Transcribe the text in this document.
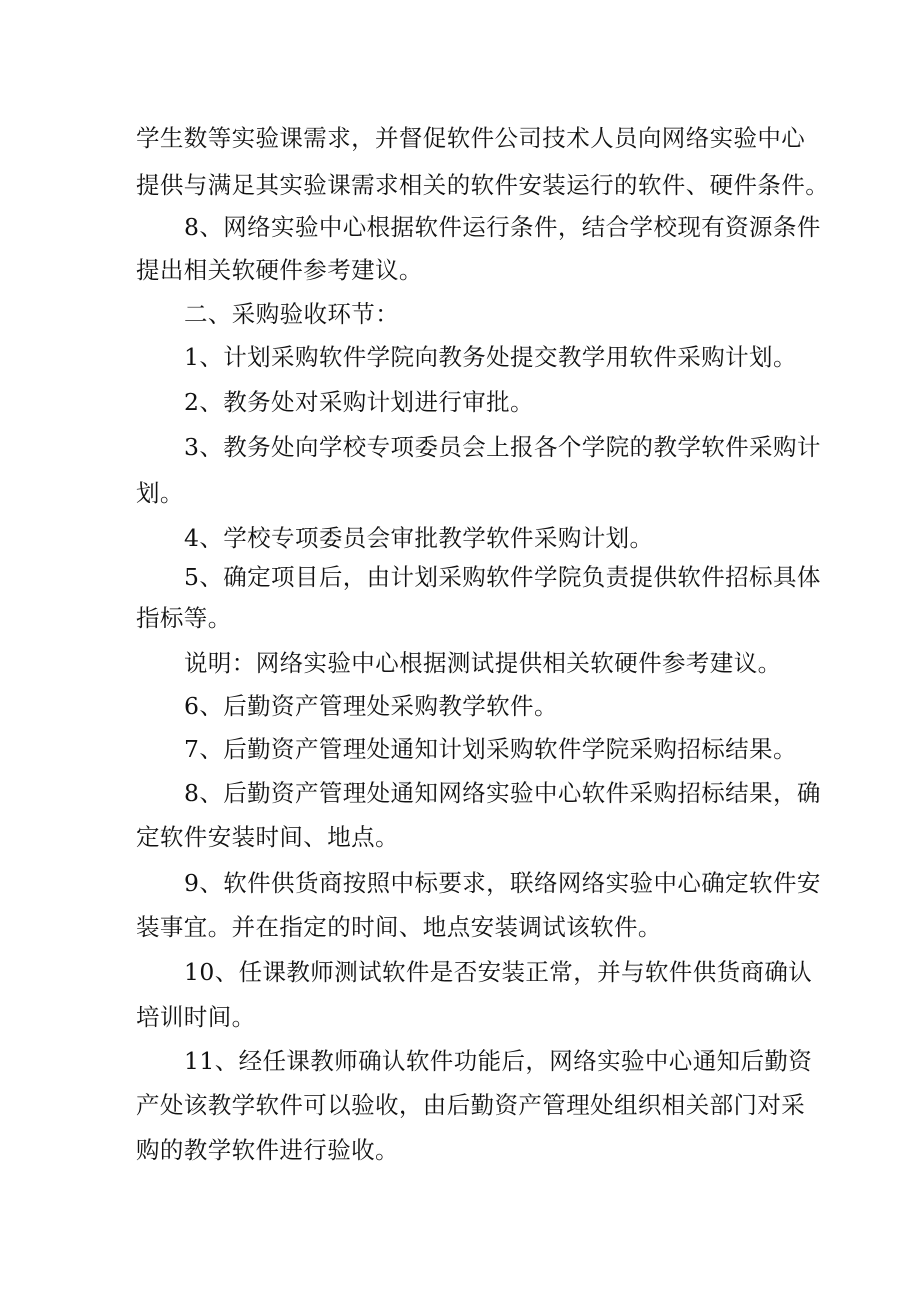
学生数等实验课需求，并督促软件公司技术人员向网络实验中心

提供与满足其实验课需求相关的软件安装运行的软件、硬件条件。

8、网络实验中心根据软件运行条件，结合学校现有资源条件

提出相关软硬件参考建议。

二、采购验收环节：

1、计划采购软件学院向教务处提交教学用软件采购计划。

2、教务处对采购计划进行审批。

3、教务处向学校专项委员会上报各个学院的教学软件采购计

划。

4、学校专项委员会审批教学软件采购计划。

5、确定项目后，由计划采购软件学院负责提供软件招标具体

指标等。

说明：网络实验中心根据测试提供相关软硬件参考建议。

6、后勤资产管理处采购教学软件。

7、后勤资产管理处通知计划采购软件学院采购招标结果。

8、后勤资产管理处通知网络实验中心软件采购招标结果，确

定软件安装时间、地点。

9、软件供货商按照中标要求，联络网络实验中心确定软件安

装事宜。并在指定的时间、地点安装调试该软件。

10、任课教师测试软件是否安装正常，并与软件供货商确认

培训时间。

11、经任课教师确认软件功能后，网络实验中心通知后勤资

产处该教学软件可以验收，由后勤资产管理处组织相关部门对采

购的教学软件进行验收。
